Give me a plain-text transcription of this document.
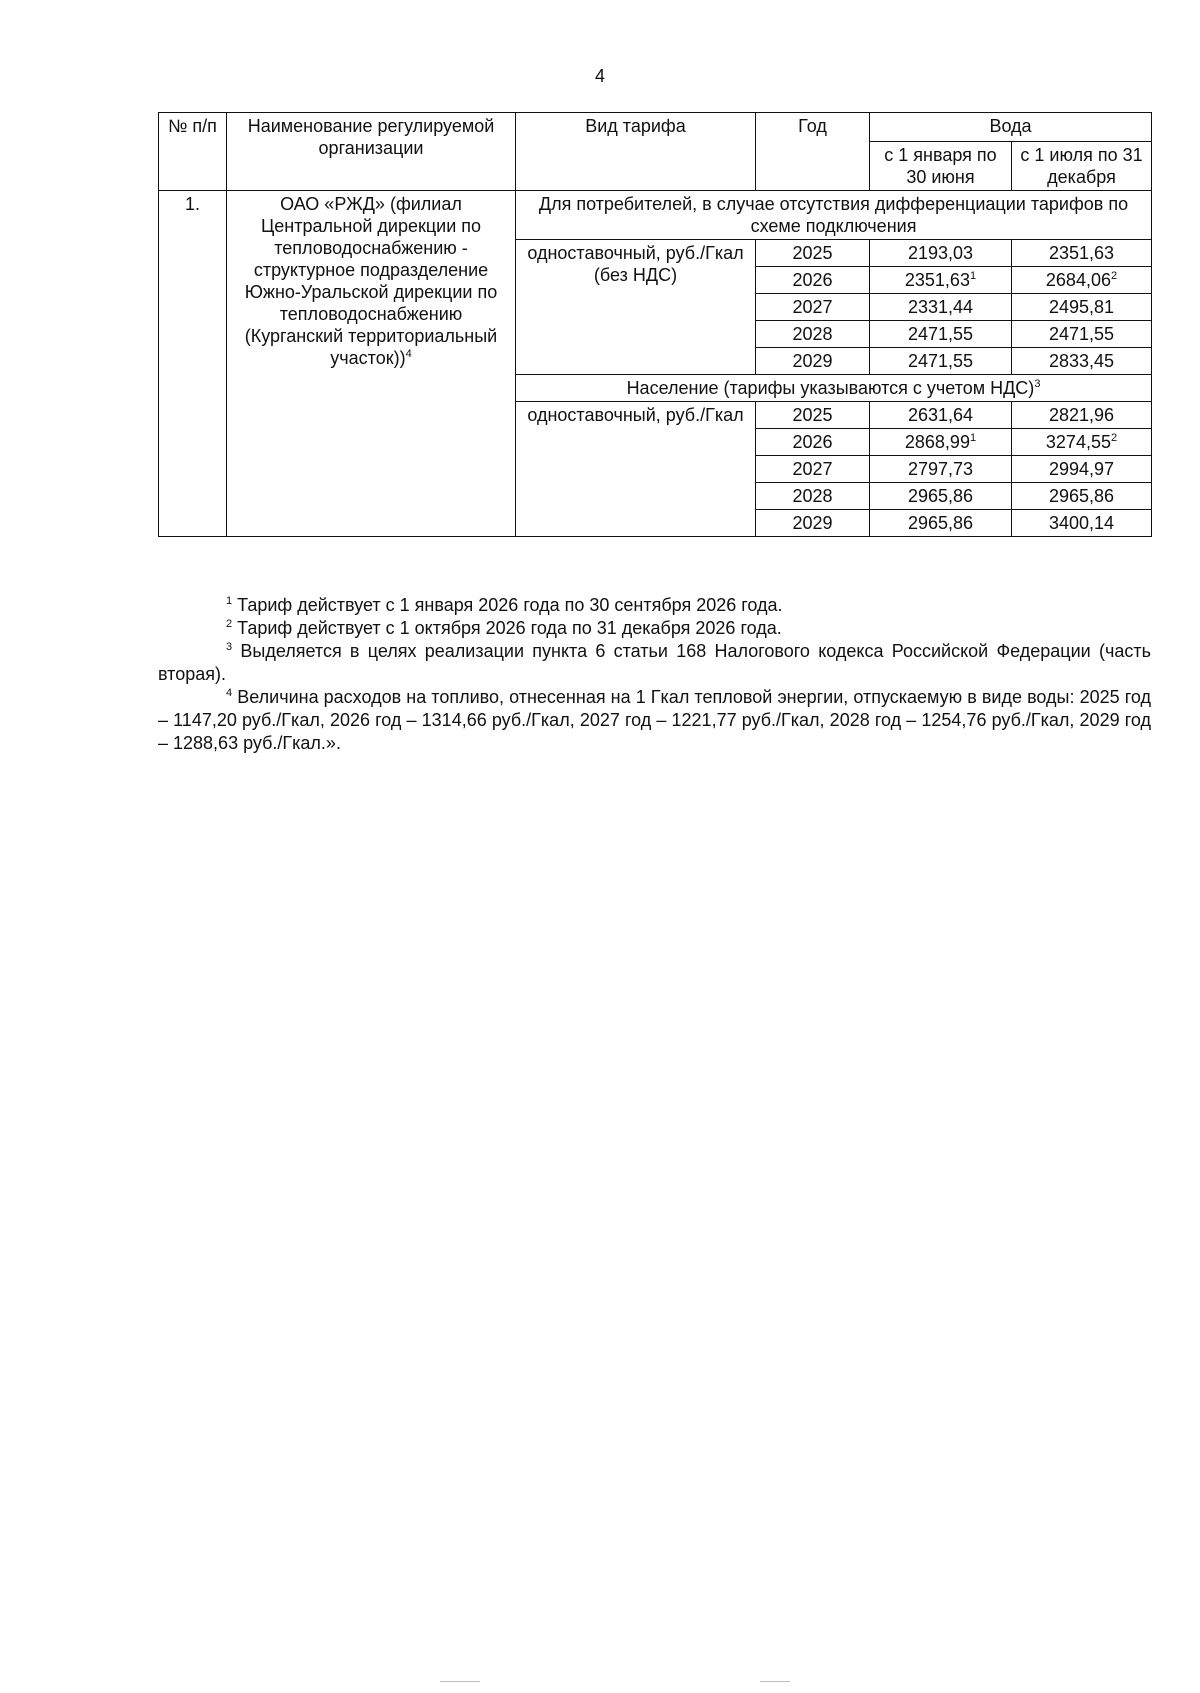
4
№ п/п	Наименование регулируемой организации	Вид тарифа	Год	Вода	
				с 1 января по 30 июня	с 1 июля по 31 декабря
1.	ОАО «РЖД» (филиал Центральной дирекции по тепловодоснабжению - структурное подразделение Южно-Уральской дирекции по тепловодоснабжению (Курганский территориальный участок))$^4$	Для потребителей, в случае отсутствия дифференциации тарифов по схеме подключения			
		одноставочный, руб./Гкал (без НДС)	2025	2193,03	2351,63
			2026	2351,63$^1$	2684,06$^2$
			2027	2331,44	2495,81
			2028	2471,55	2471,55
			2029	2471,55	2833,45
		Население (тарифы указываются с учетом НДС)$^3$
		одноставочный, руб./Гкал	2025	2631,64	2821,96
			2026	2868,99$^1$	3274,55$^2$
			2027	2797,73	2994,97
			2028	2965,86	2965,86
			2029	2965,86	3400,14

$^1$ Тариф действует с 1 января 2026 года по 30 сентября 2026 года.

$^2$ Тариф действует с 1 октября 2026 года по 31 декабря 2026 года.

$^3$ Выделяется в целях реализации пункта 6 статьи 168 Налогового кодекса Российской Федерации (часть вторая).

$^4$ Величина расходов на топливо, отнесенная на 1 Гкал тепловой энергии, отпускаемую в виде воды: 2025 год – 1147,20 руб./Гкал, 2026 год – 1314,66 руб./Гкал, 2027 год – 1221,77 руб./Гкал, 2028 год – 1254,76 руб./Гкал, 2029 год – 1288,63 руб./Гкал.».
